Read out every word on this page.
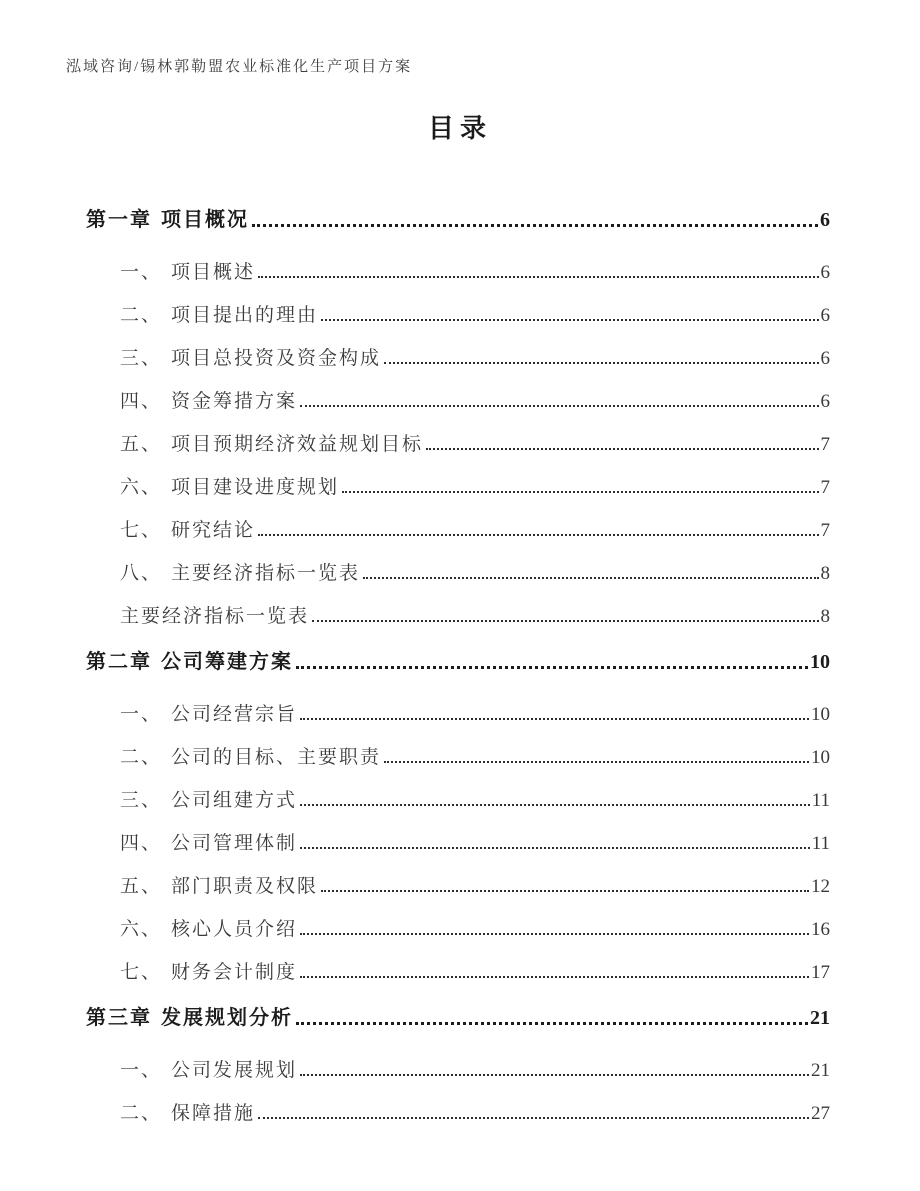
泓域咨询/锡林郭勒盟农业标准化生产项目方案
目录
第一章 项目概况	6
一、 项目概述	6
二、 项目提出的理由	6
三、 项目总投资及资金构成	6
四、 资金筹措方案	6
五、 项目预期经济效益规划目标	7
六、 项目建设进度规划	7
七、 研究结论	7
八、 主要经济指标一览表	8
主要经济指标一览表	8
第二章 公司筹建方案	10
一、 公司经营宗旨	10
二、 公司的目标、主要职责	10
三、 公司组建方式	11
四、 公司管理体制	11
五、 部门职责及权限	12
六、 核心人员介绍	16
七、 财务会计制度	17
第三章 发展规划分析	21
一、 公司发展规划	21
二、 保障措施	27
